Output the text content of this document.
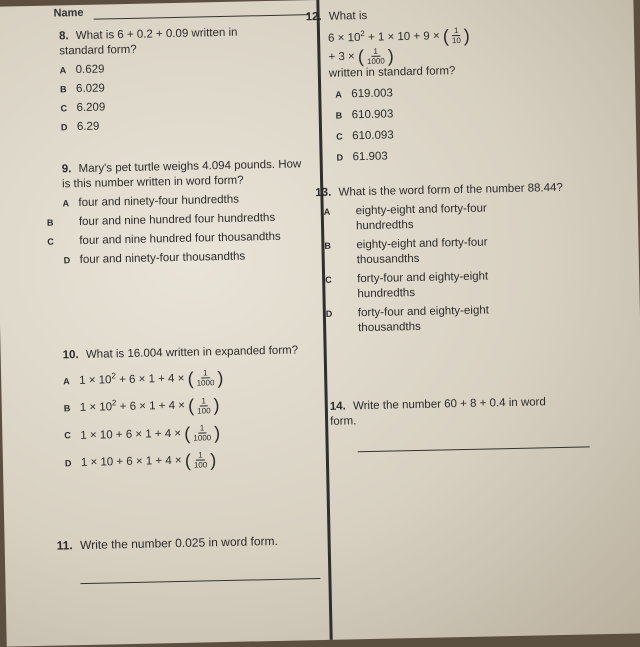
Name
8. What is 6 + 0.2 + 0.09 written in standard form?
A 0.629
B 6.029
C 6.209
D 6.29
9. Mary's pet turtle weighs 4.094 pounds. How is this number written in word form?
A four and ninety-four hundredths
B four and nine hundred four hundredths
C four and nine hundred four thousandths
D four and ninety-four thousandths
10. What is 16.004 written in expanded form?
A $1 \times 10^2 + 6 \times 1 + 4$ × ( $\frac{1}{1000}$ )
B $1 \times 10^2 + 6 \times 1 + 4$ × ( $\frac{1}{100}$ )
C 1 × 10 + 6 × 1 + 4 × ( $\frac{1}{1000}$ )
D 1 × 10 + 6 × 1 + 4 × ( $\frac{1}{100}$ )
11. Write the number 0.025 in word form.
12. What is
$6 \times 10^2 + 1 \times 10 + 9$ × ( $\frac{1}{10}$ )
+ 3 × ( $\frac{1}{1000}$ )
written in standard form?
A 619.003
B 610.903
C 610.093
D 61.903
13. What is the word form of the number 88.44?
A eighty-eight and forty-four hundredths
B eighty-eight and forty-four thousandths
C forty-four and eighty-eight hundredths
D forty-four and eighty-eight thousandths
14. Write the number 60 + 8 + 0.4 in word form.
